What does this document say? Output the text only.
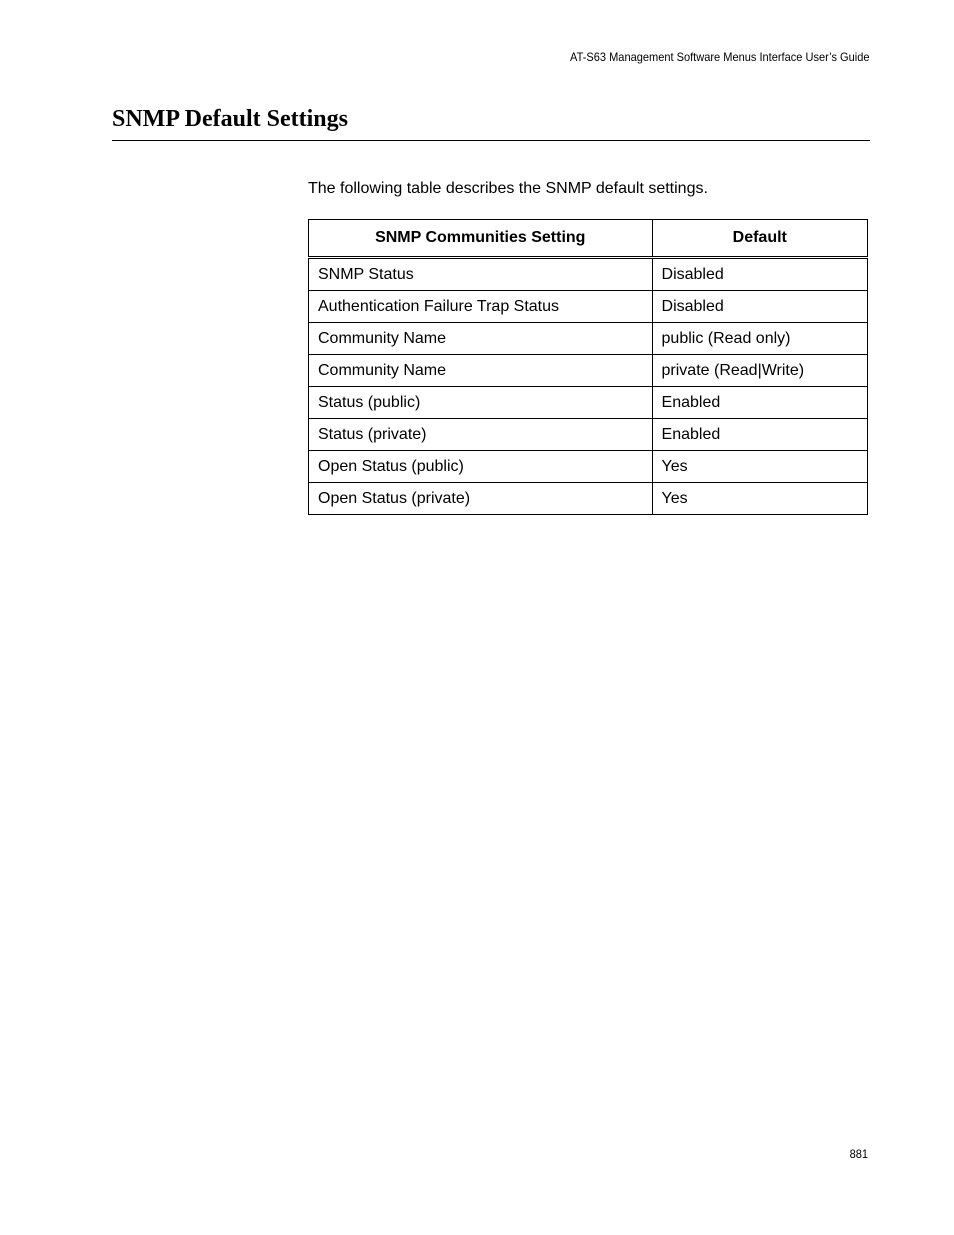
AT-S63 Management Software Menus Interface User’s Guide
SNMP Default Settings

The following table describes the SNMP default settings.

SNMP Communities Setting	Default
SNMP Status	Disabled
Authentication Failure Trap Status	Disabled
Community Name	public (Read only)
Community Name	private (Read|Write)
Status (public)	Enabled
Status (private)	Enabled
Open Status (public)	Yes
Open Status (private)	Yes
881
